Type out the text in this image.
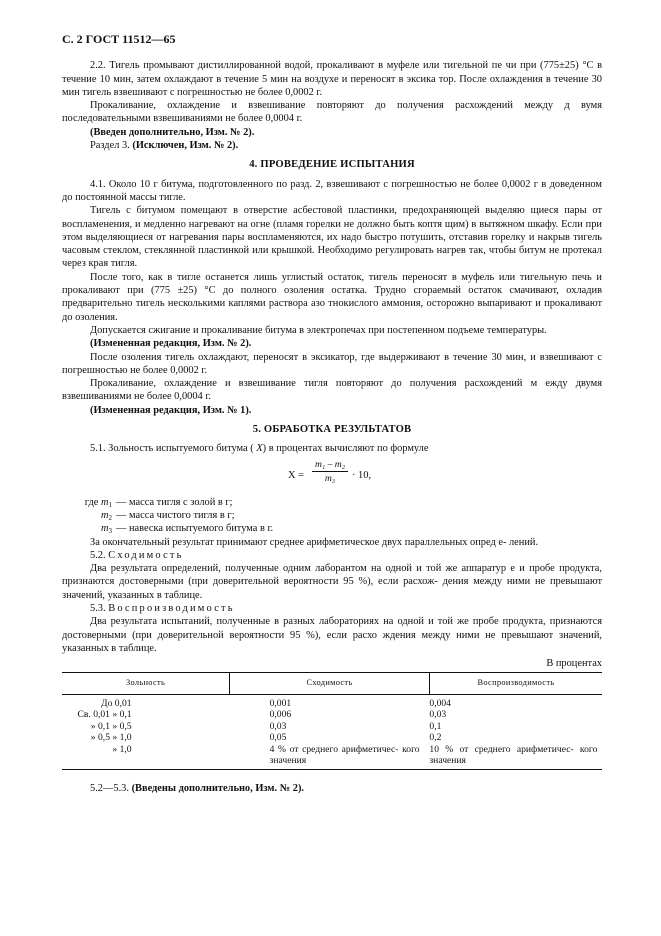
С. 2 ГОСТ 11512—65

2.2. Тигель промывают дистиллированной водой, прокаливают в муфеле или тигельной пе чи при (775±25) °С в течение 10 мин, затем охлаждают в течение 5 мин на воздухе и переносят в эксика тор. После охлаждения в течение 30 мин тигель взвешивают с погрешностью не более 0,0002 г.

Прокаливание, охлаждение и взвешивание повторяют до получения расхождений между д вумя последовательными взвешиваниями не более 0,0004 г.

(Введен дополнительно, Изм. № 2).

Раздел 3. (Исключен, Изм. № 2).

4. ПРОВЕДЕНИЕ ИСПЫТАНИЯ

4.1. Около 10 г битума, подготовленного по разд. 2, взвешивают с погрешностью не более 0,0002 г в доведенном до постоянной массы тигле.

Тигель с битумом помещают в отверстие асбестовой пластинки, предохраняющей выделяю щиеся пары от воспламенения, и медленно нагревают на огне (пламя горелки не должно быть коптя щим) в вытяжном шкафу. Если при этом выделяющиеся от нагревания пары воспламеняются, их надо быстро потушить, отставив горелку и накрыв тигель часовым стеклом, стеклянной пластинкой или крышкой. Необходимо регулировать нагрев так, чтобы битум не протекал через края тигля.

После того, как в тигле останется лишь углистый остаток, тигель переносят в муфель или тигельную печь и прокаливают при (775 ±25) °С до полного озоления остатка. Трудно сгораемый остаток смачивают, охладив предварительно тигель несколькими каплями раствора азо тнокислого аммония, осторожно выпаривают и прокаливают до озоления.

Допускается сжигание и прокаливание битума в электропечах при постепенном подъеме температуры.

(Измененная редакция, Изм. № 2).

После озоления тигель охлаждают, переносят в эксикатор, где выдерживают в течение 30 мин, и взвешивают с погрешностью не более 0,0002 г.

Прокаливание, охлаждение и взвешивание тигля повторяют до получения расхождений м ежду двумя взвешиваниями не более 0,0004 г.

(Измененная редакция, Изм. № 1).

5. ОБРАБОТКА РЕЗУЛЬТАТОВ

5.1. Зольность испытуемого битума ( X) в процентах вычисляют по формуле

$X = \frac{\text{m₁ – m₂}}{\text{m₃}} \cdot 10$,
где $m_1$ — масса тигля с золой в г;
$m_2$ — масса чистого тигля в г;
$m_3$ — навеска испытуемого битума в г.

За окончательный результат принимают среднее арифметическое двух параллельных опред е- лений.

5.2. Сходимость

Два результата определений, полученные одним лаборантом на одной и той же аппаратур е и пробе продукта, признаются достоверными (при доверительной вероятности 95 %), если расхож- дения между ними не превышают значений, указанных в таблице.

5.3. Воспроизводимость

Два результата испытаний, полученные в разных лабораториях на одной и той же пробе продукта, признаются достоверными (при доверительной вероятности 95 %), если расхо ждения между ними не превышают значений, указанных в таблице.

В процентах
Зольность	Сходимость	Воспроизводимость
До 0,01	0,001	0,004
Св. 0,01 » 0,1	0,006	0,03
» 0,1 » 0,5	0,03	0,1
» 0,5 » 1,0	0,05	0,2
» 1,0	4 % от среднего арифметичес- кого значения	10 % от среднего арифметичес- кого значения

5.2—5.3. (Введены дополнительно, Изм. № 2).
